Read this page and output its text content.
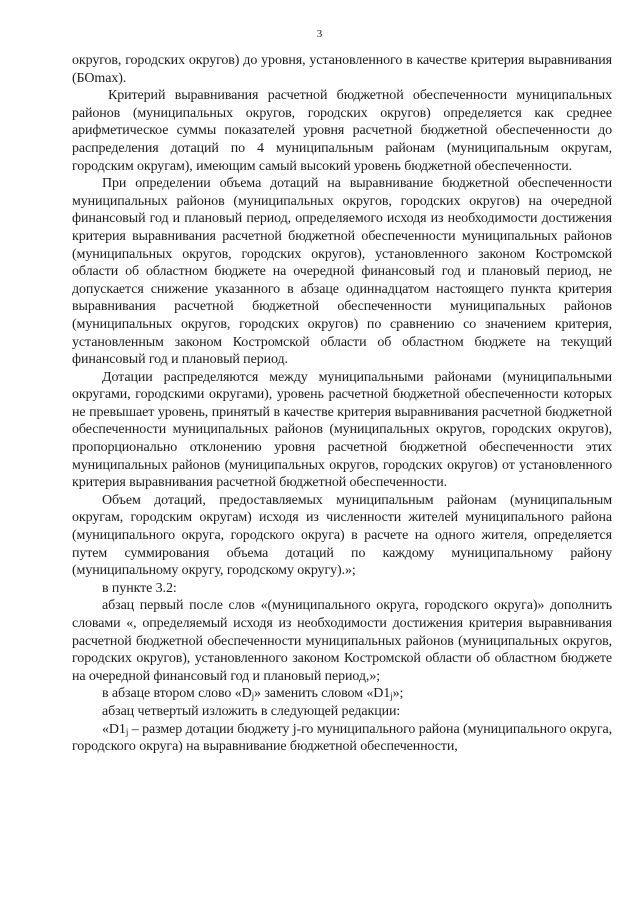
3

округов, городских округов) до уровня, установленного в качестве критерия выравнивания (БОmax).

Критерий выравнивания расчетной бюджетной обеспеченности муниципальных районов (муниципальных округов, городских округов) определяется как среднее арифметическое суммы показателей уровня расчетной бюджетной обеспеченности до распределения дотаций по 4 муниципальным районам (муниципальным округам, городским округам), имеющим самый высокий уровень бюджетной обеспеченности.

При определении объема дотаций на выравнивание бюджетной обеспеченности муниципальных районов (муниципальных округов, городских округов) на очередной финансовый год и плановый период, определяемого исходя из необходимости достижения критерия выравнивания расчетной бюджетной обеспеченности муниципальных районов (муниципальных округов, городских округов), установленного законом Костромской области об областном бюджете на очередной финансовый год и плановый период, не допускается снижение указанного в абзаце одиннадцатом настоящего пункта критерия выравнивания расчетной бюджетной обеспеченности муниципальных районов (муниципальных округов, городских округов) по сравнению со значением критерия, установленным законом Костромской области об областном бюджете на текущий финансовый год и плановый период.

Дотации распределяются между муниципальными районами (муниципальными округами, городскими округами), уровень расчетной бюджетной обеспеченности которых не превышает уровень, принятый в качестве критерия выравнивания расчетной бюджетной обеспеченности муниципальных районов (муниципальных округов, городских округов), пропорционально отклонению уровня расчетной бюджетной обеспеченности этих муниципальных районов (муниципальных округов, городских округов) от установленного критерия выравнивания расчетной бюджетной обеспеченности.

Объем дотаций, предоставляемых муниципальным районам (муниципальным округам, городским округам) исходя из численности жителей муниципального района (муниципального округа, городского округа) в расчете на одного жителя, определяется путем суммирования объема дотаций по каждому муниципальному району (муниципальному округу, городскому округу).»;

в пункте 3.2:

абзац первый после слов «(муниципального округа, городского округа)» дополнить словами «, определяемый исходя из необходимости достижения критерия выравнивания расчетной бюджетной обеспеченности муниципальных районов (муниципальных округов, городских округов), установленного законом Костромской области об областном бюджете на очередной финансовый год и плановый период,»;

в абзаце втором слово «$D_j$» заменить словом «$D1_j$»;

абзац четвертый изложить в следующей редакции:

«$D1_j$ – размер дотации бюджету j-го муниципального района (муниципального округа, городского округа) на выравнивание бюджетной обеспеченности,
